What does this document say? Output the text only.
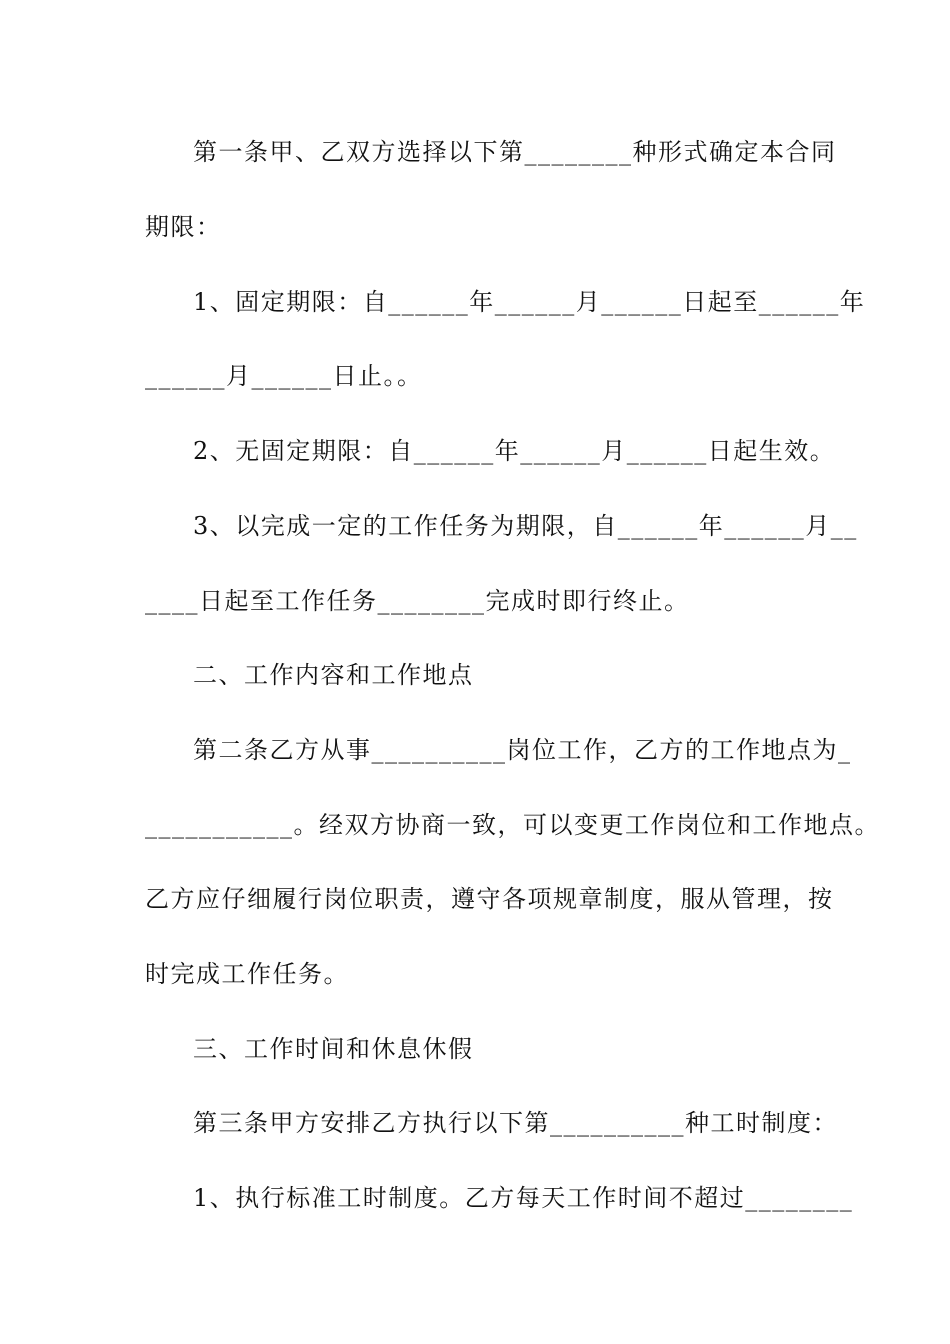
第一条甲、乙双方选择以下第________种形式确定本合同
期限：
1、固定期限：自______年______月______日起至______年
______月______日止。。
2、无固定期限：自______年______月______日起生效。
3、以完成一定的工作任务为期限，自______年______月__
____日起至工作任务________完成时即行终止。
二、工作内容和工作地点
第二条乙方从事__________岗位工作，乙方的工作地点为_
___________。经双方协商一致，可以变更工作岗位和工作地点。
乙方应仔细履行岗位职责，遵守各项规章制度，服从管理，按
时完成工作任务。
三、工作时间和休息休假
第三条甲方安排乙方执行以下第__________种工时制度：
1、执行标准工时制度。乙方每天工作时间不超过________
